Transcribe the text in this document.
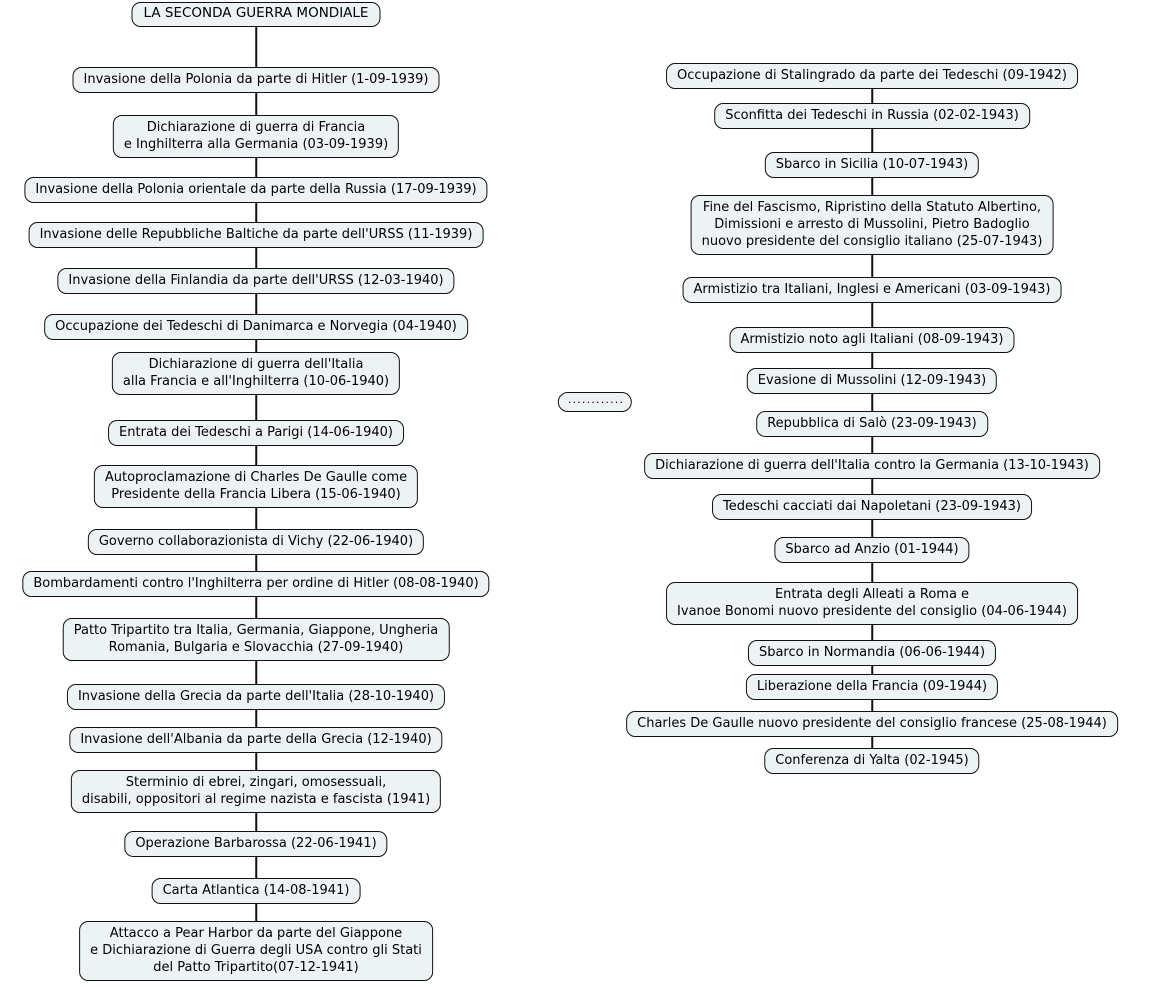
LA SECONDA GUERRA MONDIALE
Invasione della Polonia da parte di Hitler (1-09-1939)
Dichiarazione di guerra di Francia
e Inghilterra alla Germania (03-09-1939)
Invasione della Polonia orientale da parte della Russia (17-09-1939)
Invasione delle Repubbliche Baltiche da parte dell'URSS (11-1939)
Invasione della Finlandia da parte dell'URSS (12-03-1940)
Occupazione dei Tedeschi di Danimarca e Norvegia (04-1940)
Dichiarazione di guerra dell'Italia
alla Francia e all'Inghilterra (10-06-1940)
Entrata dei Tedeschi a Parigi (14-06-1940)
Autoproclamazione di Charles De Gaulle come
Presidente della Francia Libera (15-06-1940)
Governo collaborazionista di Vichy (22-06-1940)
Bombardamenti contro l'Inghilterra per ordine di Hitler (08-08-1940)
Patto Tripartito tra Italia, Germania, Giappone, Ungheria
Romania, Bulgaria e Slovacchia (27-09-1940)
Invasione della Grecia da parte dell'Italia (28-10-1940)
Invasione dell'Albania da parte della Grecia (12-1940)
Sterminio di ebrei, zingari, omosessuali,
disabili, oppositori al regime nazista e fascista (1941)
Operazione Barbarossa (22-06-1941)
Carta Atlantica (14-08-1941)
Attacco a Pear Harbor da parte del Giappone
e Dichiarazione di Guerra degli USA contro gli Stati
del Patto Tripartito(07-12-1941)
Occupazione di Stalingrado da parte dei Tedeschi (09-1942)
Sconfitta dei Tedeschi in Russia (02-02-1943)
Sbarco in Sicilia (10-07-1943)
Fine del Fascismo, Ripristino della Statuto Albertino,
Dimissioni e arresto di Mussolini, Pietro Badoglio
nuovo presidente del consiglio italiano (25-07-1943)
Armistizio tra Italiani, Inglesi e Americani (03-09-1943)
Armistizio noto agli Italiani (08-09-1943)
Evasione di Mussolini (12-09-1943)
Repubblica di Salò (23-09-1943)
Dichiarazione di guerra dell'Italia contro la Germania (13-10-1943)
Tedeschi cacciati dai Napoletani (23-09-1943)
Sbarco ad Anzio (01-1944)
Entrata degli Alleati a Roma e
Ivanoe Bonomi nuovo presidente del consiglio (04-06-1944)
Sbarco in Normandia (06-06-1944)
Liberazione della Francia (09-1944)
Charles De Gaulle nuovo presidente del consiglio francese (25-08-1944)
Conferenza di Yalta (02-1945)
............
